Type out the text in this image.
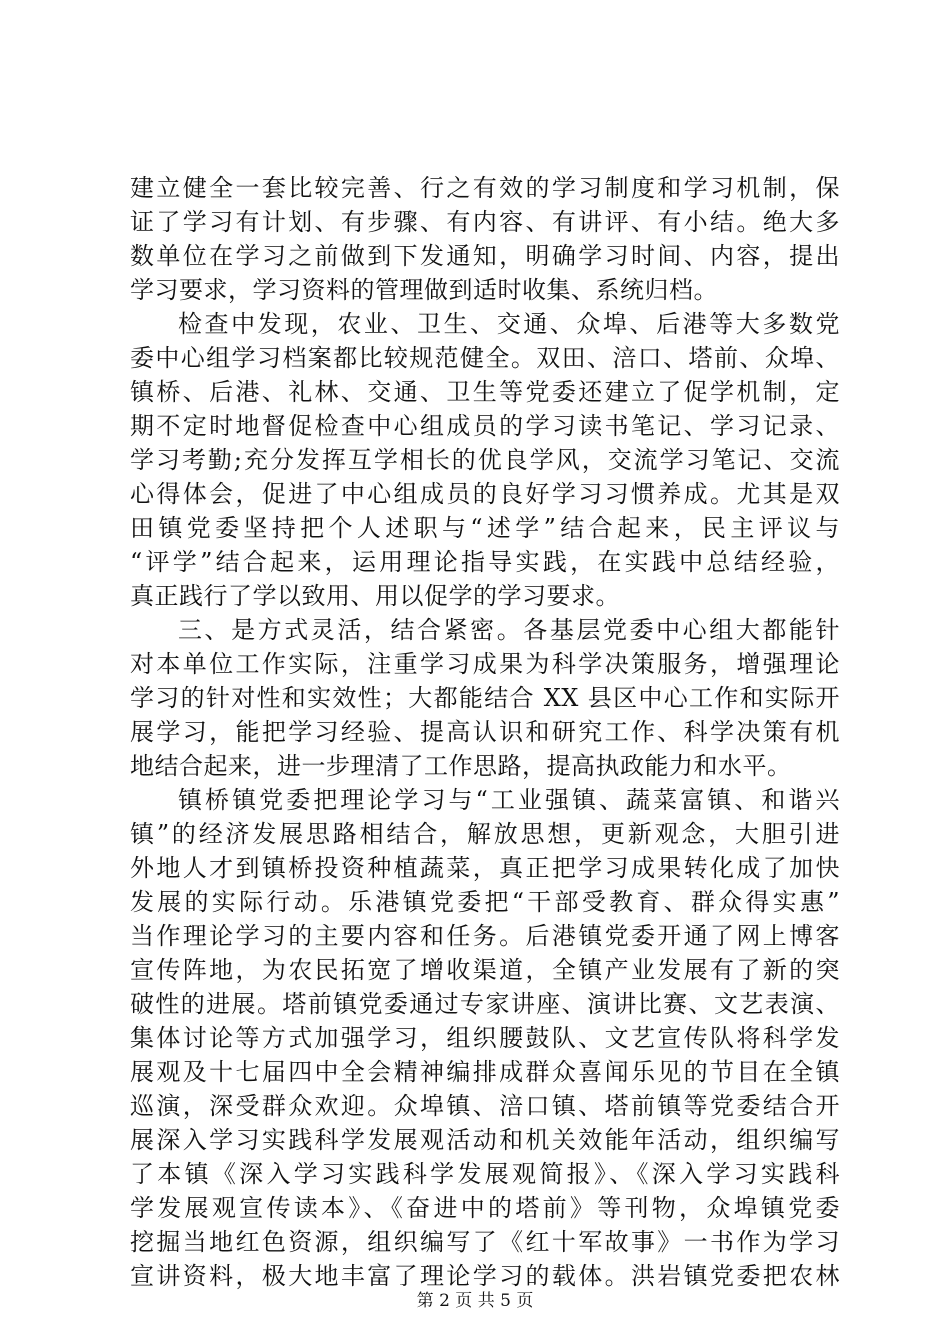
建立健全一套比较完善、行之有效的学习制度和学习机制，保
证了学习有计划、有步骤、有内容、有讲评、有小结。绝大多
数单位在学习之前做到下发通知，明确学习时间、内容，提出
学习要求，学习资料的管理做到适时收集、系统归档。
检查中发现，农业、卫生、交通、众埠、后港等大多数党
委中心组学习档案都比较规范健全。双田、涪口、塔前、众埠、
镇桥、后港、礼林、交通、卫生等党委还建立了促学机制，定
期不定时地督促检查中心组成员的学习读书笔记、学习记录、
学习考勤;充分发挥互学相长的优良学风，交流学习笔记、交流
心得体会，促进了中心组成员的良好学习习惯养成。尤其是双
田镇党委坚持把个人述职与“述学”结合起来，民主评议与
“评学”结合起来，运用理论指导实践，在实践中总结经验，
真正践行了学以致用、用以促学的学习要求。
三、是方式灵活，结合紧密。各基层党委中心组大都能针
对本单位工作实际，注重学习成果为科学决策服务，增强理论
学习的针对性和实效性；大都能结合 XX 县区中心工作和实际开
展学习，能把学习经验、提高认识和研究工作、科学决策有机
地结合起来，进一步理清了工作思路，提高执政能力和水平。
镇桥镇党委把理论学习与“工业强镇、蔬菜富镇、和谐兴
镇”的经济发展思路相结合，解放思想，更新观念，大胆引进
外地人才到镇桥投资种植蔬菜，真正把学习成果转化成了加快
发展的实际行动。乐港镇党委把“干部受教育、群众得实惠”
当作理论学习的主要内容和任务。后港镇党委开通了网上博客
宣传阵地，为农民拓宽了增收渠道，全镇产业发展有了新的突
破性的进展。塔前镇党委通过专家讲座、演讲比赛、文艺表演、
集体讨论等方式加强学习，组织腰鼓队、文艺宣传队将科学发
展观及十七届四中全会精神编排成群众喜闻乐见的节目在全镇
巡演，深受群众欢迎。众埠镇、涪口镇、塔前镇等党委结合开
展深入学习实践科学发展观活动和机关效能年活动，组织编写
了本镇《深入学习实践科学发展观简报》、《深入学习实践科
学发展观宣传读本》、《奋进中的塔前》等刊物，众埠镇党委
挖掘当地红色资源，组织编写了《红十军故事》一书作为学习
宣讲资料，极大地丰富了理论学习的载体。洪岩镇党委把农林
第 2 页 共 5 页
